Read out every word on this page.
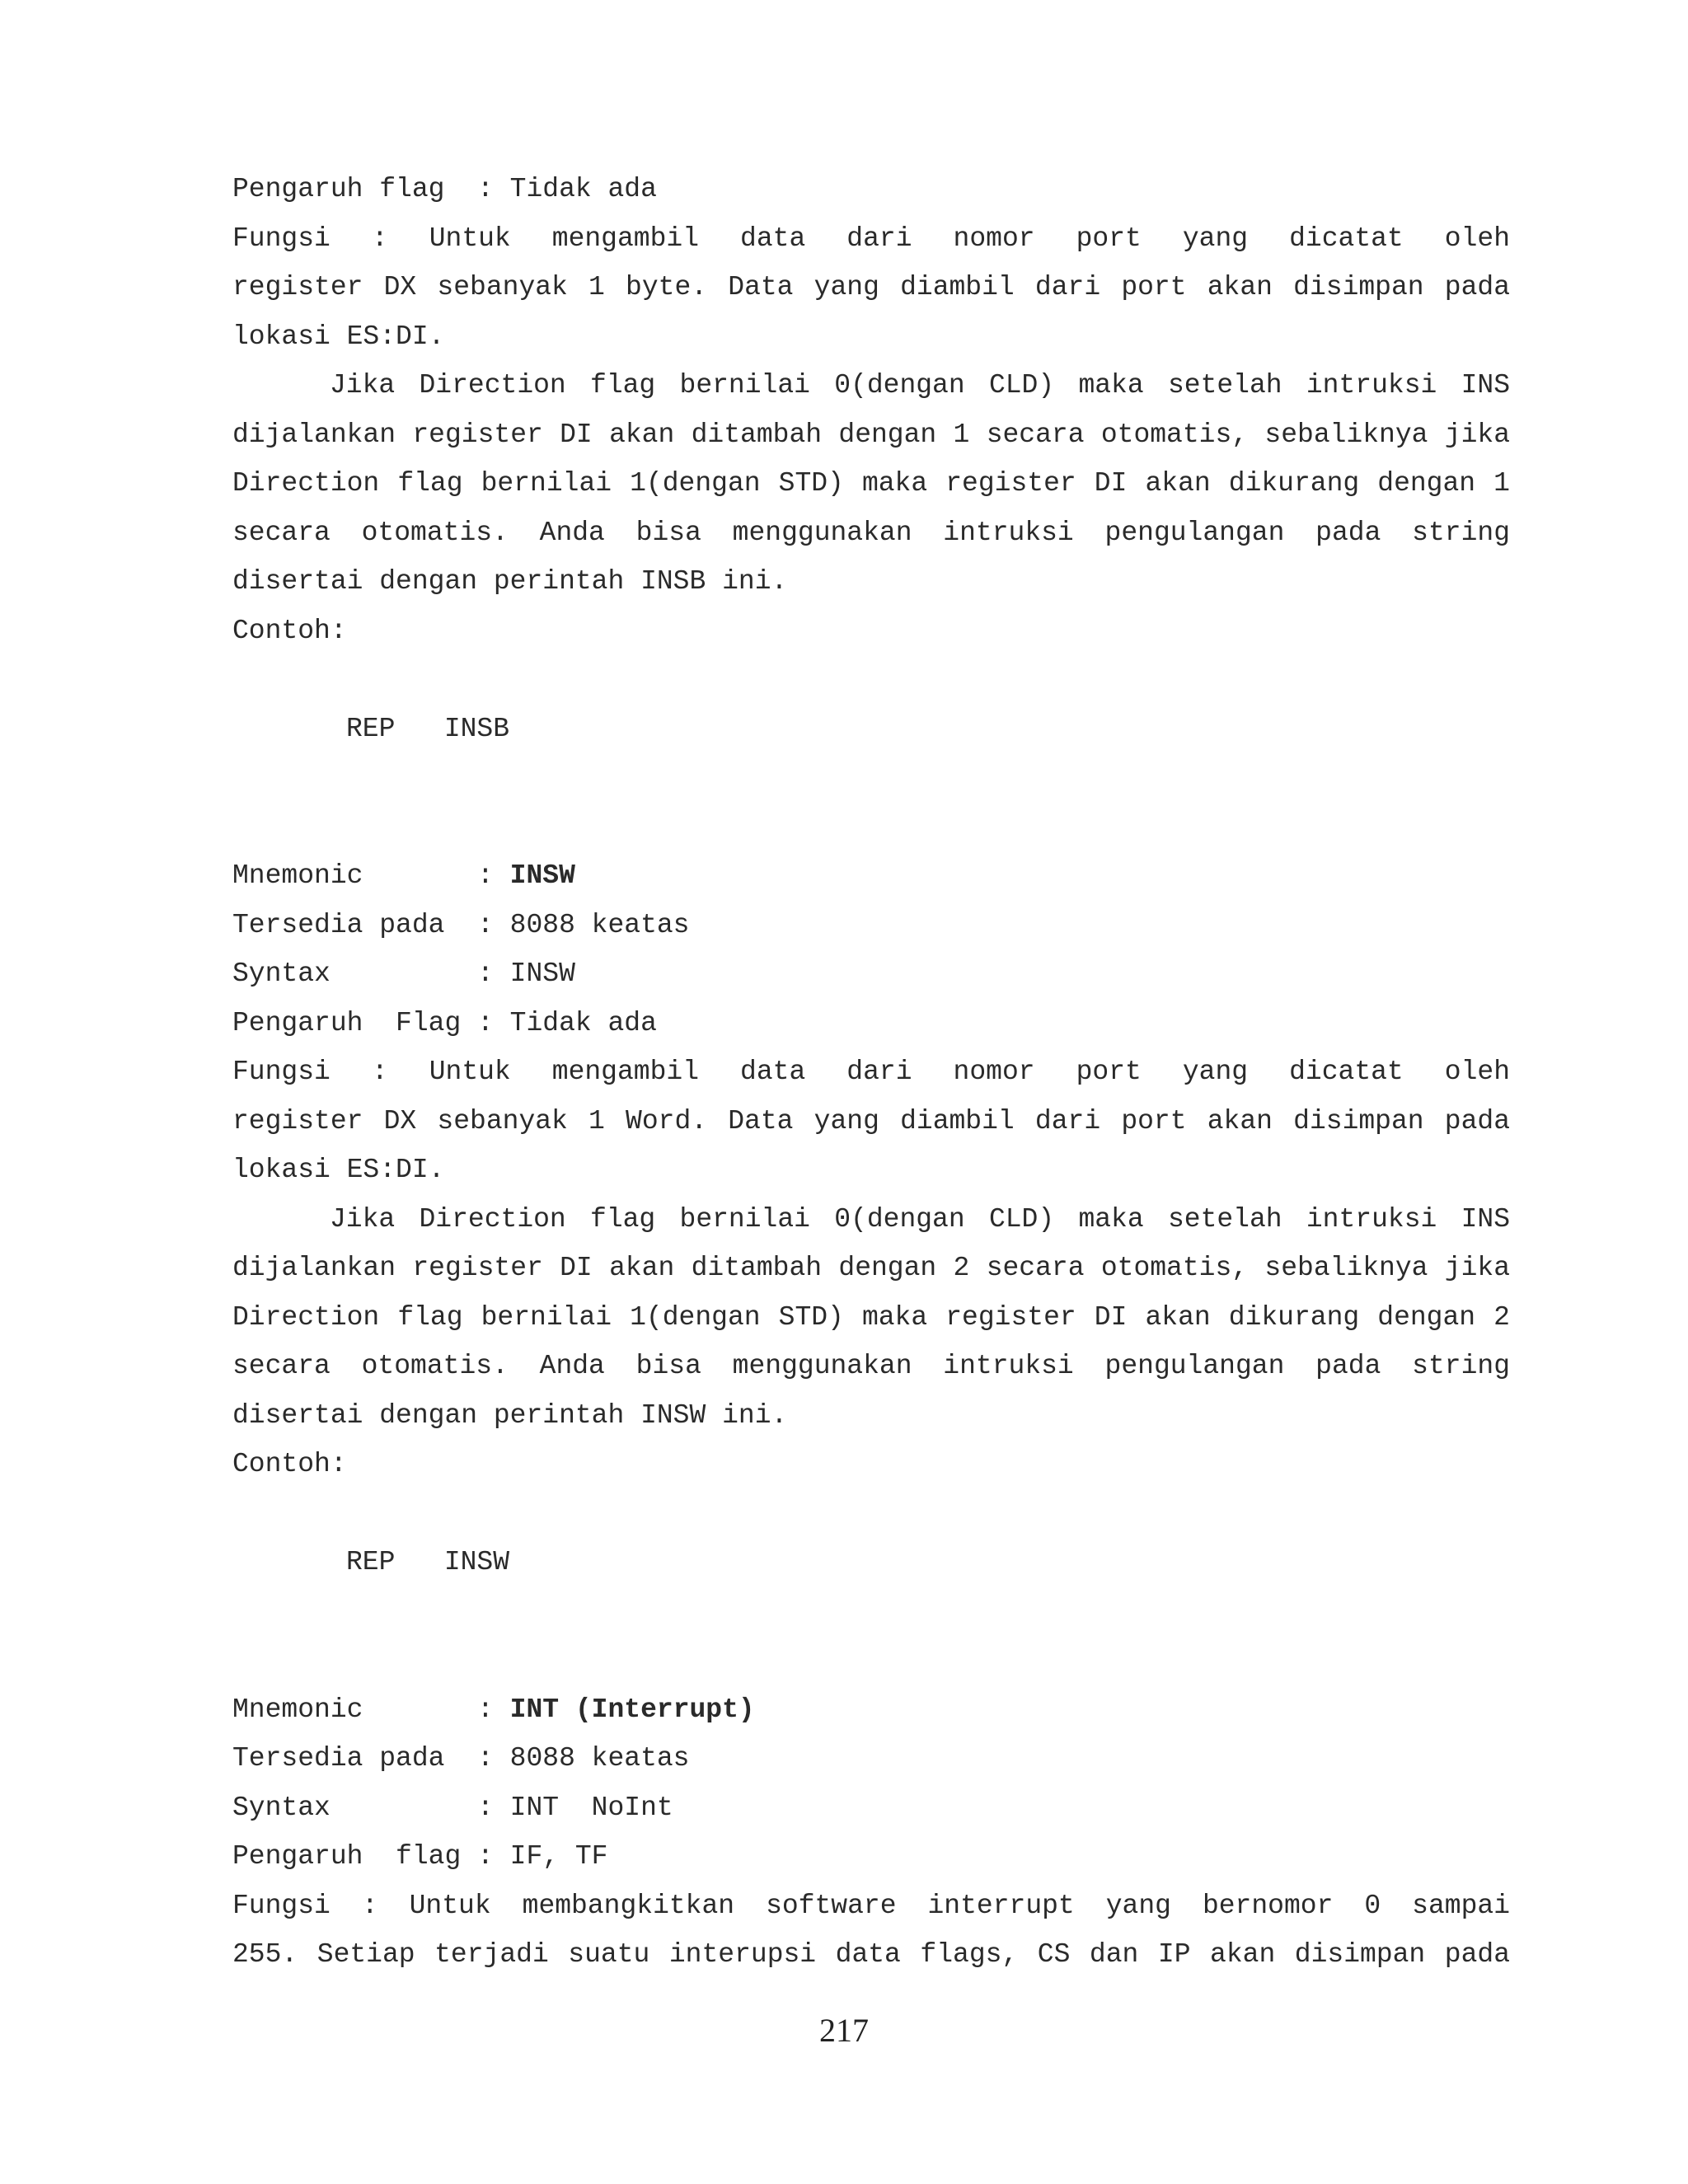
Pengaruh flag  : Tidak ada
Fungsi : Untuk mengambil data dari nomor port yang dicatat oleh
register DX sebanyak 1 byte. Data yang diambil dari port akan disimpan pada
lokasi ES:DI.
Jika Direction flag bernilai 0(dengan CLD) maka setelah intruksi INS
dijalankan register DI akan ditambah dengan 1 secara otomatis, sebaliknya jika
Direction flag bernilai 1(dengan STD) maka register DI akan dikurang dengan 1
secara otomatis. Anda bisa menggunakan intruksi pengulangan pada string
disertai dengan perintah INSB ini.
Contoh:
REP   INSB
Mnemonic       : INSW
Tersedia pada  : 8088 keatas
Syntax         : INSW
Pengaruh  Flag : Tidak ada
Fungsi : Untuk mengambil data dari nomor port yang dicatat oleh
register DX sebanyak 1 Word. Data yang diambil dari port akan disimpan pada
lokasi ES:DI.
Jika Direction flag bernilai 0(dengan CLD) maka setelah intruksi INS
dijalankan register DI akan ditambah dengan 2 secara otomatis, sebaliknya jika
Direction flag bernilai 1(dengan STD) maka register DI akan dikurang dengan 2
secara otomatis. Anda bisa menggunakan intruksi pengulangan pada string
disertai dengan perintah INSW ini.
Contoh:
REP   INSW
Mnemonic       : INT (Interrupt)
Tersedia pada  : 8088 keatas
Syntax         : INT  NoInt
Pengaruh  flag : IF, TF
Fungsi : Untuk membangkitkan software interrupt yang bernomor 0 sampai
255. Setiap terjadi suatu interupsi data flags, CS dan IP akan disimpan pada
217
